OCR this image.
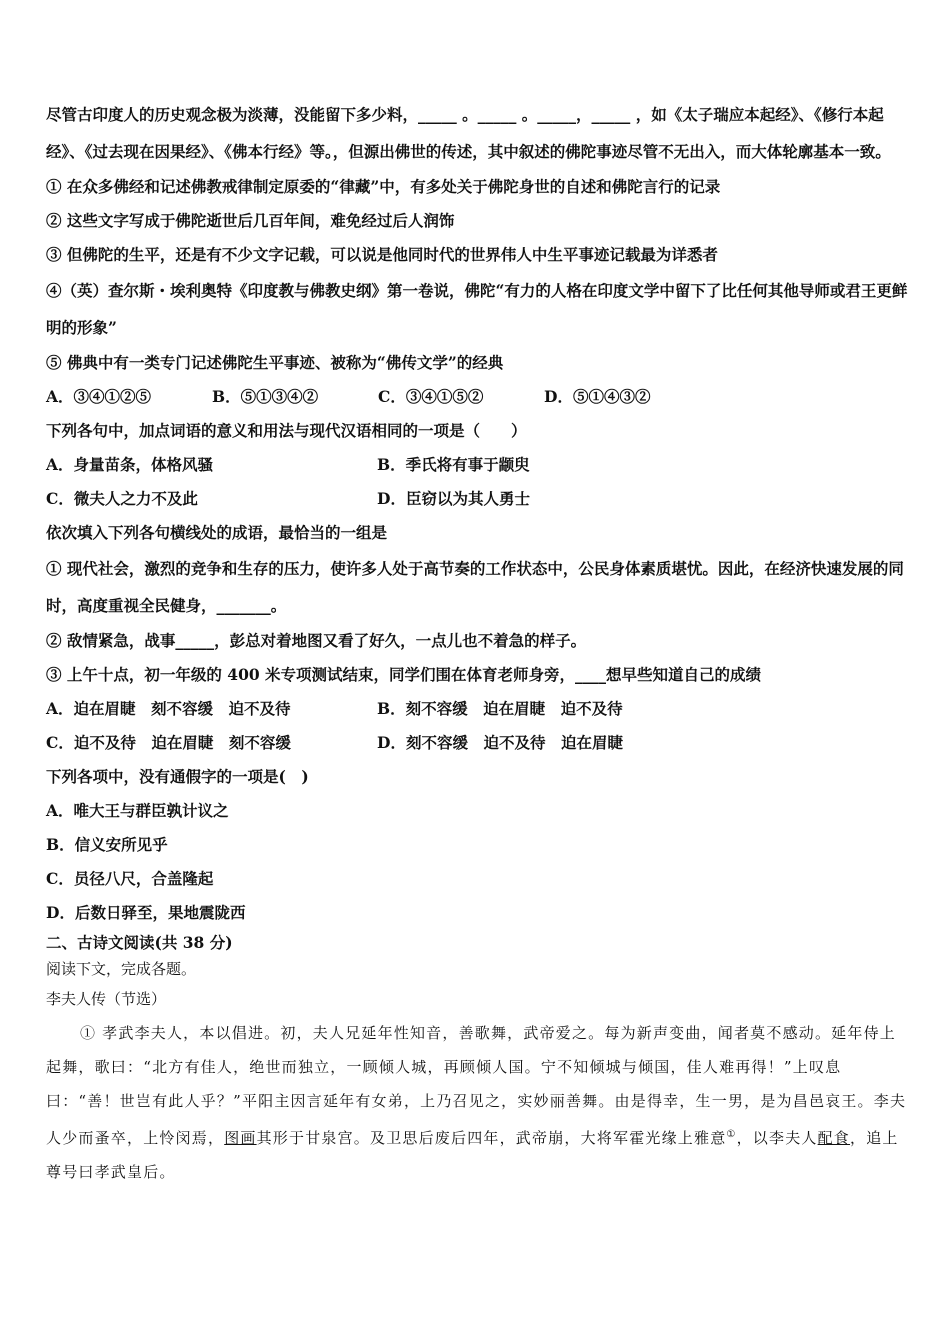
尽管古印度人的历史观念极为淡薄，没能留下多少料，_____ 。_____ 。_____，_____ ，如《太子瑞应本起经》、《修行本起经》、《过去现在因果经》、《佛本行经》等。，但源出佛世的传述，其中叙述的佛陀事迹尽管不无出入，而大体轮廓基本一致。

① 在众多佛经和记述佛教戒律制定原委的“律藏”中，有多处关于佛陀身世的自述和佛陀言行的记录

② 这些文字写成于佛陀逝世后几百年间，难免经过后人润饰

③ 但佛陀的生平，还是有不少文字记载，可以说是他同时代的世界伟人中生平事迹记载最为详悉者

④（英）查尔斯・埃利奥特《印度教与佛教史纲》第一卷说，佛陀“有力的人格在印度文学中留下了比任何其他导师或君王更鲜明的形象”

⑤ 佛典中有一类专门记述佛陀生平事迹、被称为“佛传文学”的经典

A．③④①②⑤	B．⑤①③④②	C．③④①⑤②	D．⑤①④③②

下列各句中，加点词语的意义和用法与现代汉语相同的一项是（　　）

A．身量苗条，体格风骚	B．季氏将有事于颛臾
C．微夫人之力不及此	D．臣窃以为其人勇士

依次填入下列各句横线处的成语，最恰当的一组是

① 现代社会，激烈的竞争和生存的压力，使许多人处于高节奏的工作状态中，公民身体素质堪忧。因此，在经济快速发展的同时，高度重视全民健身，_______。

② 敌情紧急，战事_____，彭总对着地图又看了好久，一点儿也不着急的样子。

③ 上午十点，初一年级的 400 米专项测试结束，同学们围在体育老师身旁，____想早些知道自己的成绩

A．迫在眉睫　刻不容缓　迫不及待	B．刻不容缓　迫在眉睫　迫不及待
C．迫不及待　迫在眉睫　刻不容缓	D．刻不容缓　迫不及待　迫在眉睫

下列各项中，没有通假字的一项是(　)

A．唯大王与群臣孰计议之

B．信义安所见乎

C．员径八尺，合盖隆起

D．后数日驿至，果地震陇西

二、古诗文阅读(共 38 分)

阅读下文，完成各题。

李夫人传（节选）

① 孝武李夫人，本以倡进。初，夫人兄延年性知音，善歌舞，武帝爱之。每为新声变曲，闻者莫不感动。延年侍上起舞，歌曰：“北方有佳人，绝世而独立，一顾倾人城，再顾倾人国。宁不知倾城与倾国，佳人难再得！”上叹息曰：“善！世岂有此人乎？”平阳主因言延年有女弟，上乃召见之，实妙丽善舞。由是得幸，生一男，是为昌邑哀王。李夫人少而蚤卒，上怜闵焉，图画其形于甘泉宫。及卫思后废后四年，武帝崩，大将军霍光缘上雅意①，以李夫人配食，追上尊号曰孝武皇后。
